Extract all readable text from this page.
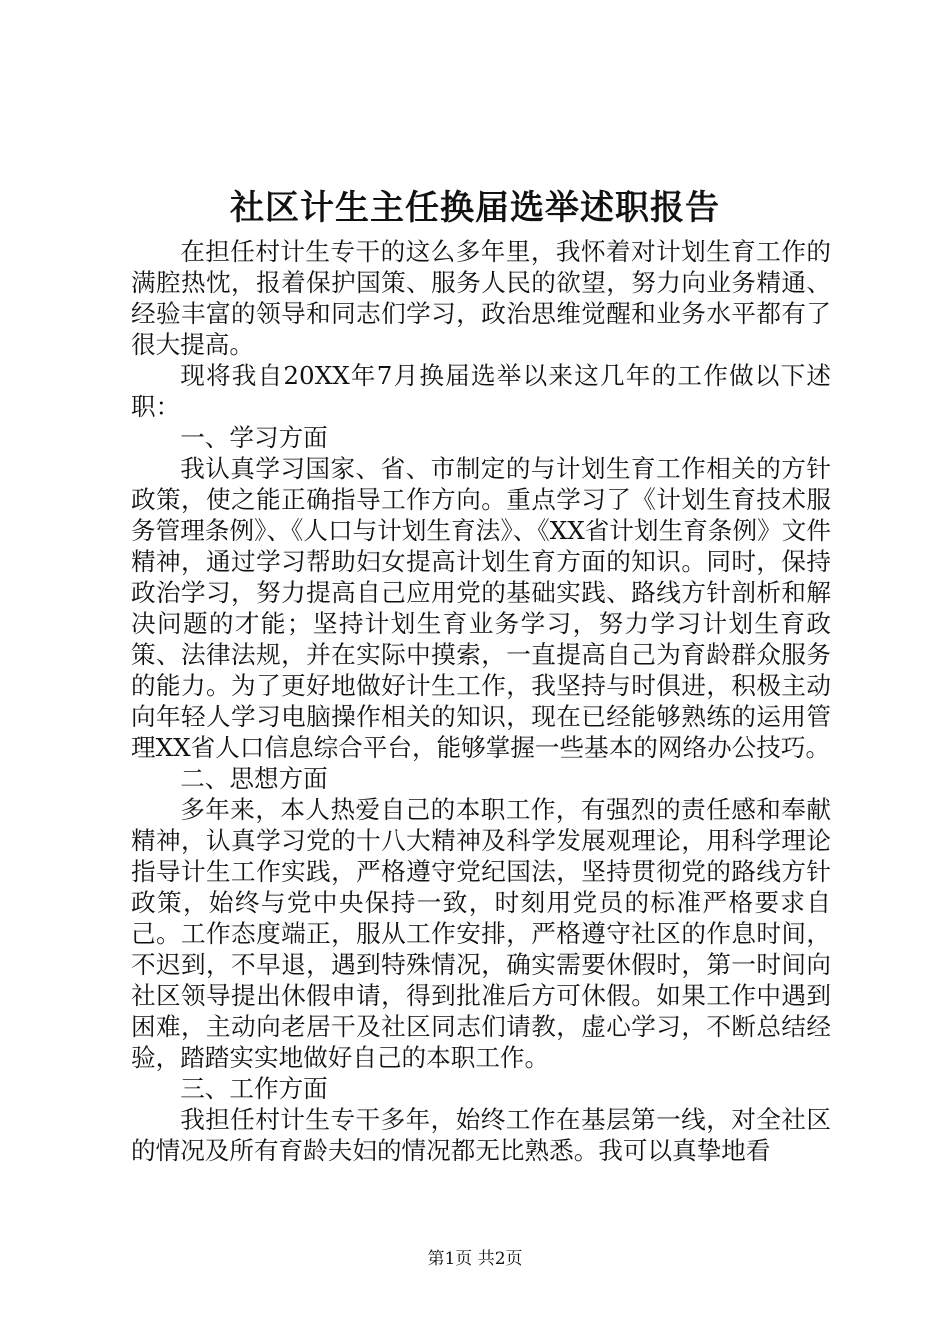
社区计生主任换届选举述职报告

在担任村计生专干的这么多年里，我怀着对计划生育工作的满腔热忱，报着保护国策、服务人民的欲望，努力向业务精通、经验丰富的领导和同志们学习，政治思维觉醒和业务水平都有了很大提高。

现将我自20XX年7月换届选举以来这几年的工作做以下述职：

一、学习方面

我认真学习国家、省、市制定的与计划生育工作相关的方针政策，使之能正确指导工作方向。重点学习了《计划生育技术服务管理条例》、《人口与计划生育法》、《XX省计划生育条例》文件精神，通过学习帮助妇女提高计划生育方面的知识。同时，保持政治学习，努力提高自己应用党的基础实践、路线方针剖析和解决问题的才能；坚持计划生育业务学习，努力学习计划生育政策、法律法规，并在实际中摸索，一直提高自己为育龄群众服务的能力。为了更好地做好计生工作，我坚持与时俱进，积极主动向年轻人学习电脑操作相关的知识，现在已经能够熟练的运用管理XX省人口信息综合平台，能够掌握一些基本的网络办公技巧。

二、思想方面

多年来，本人热爱自己的本职工作，有强烈的责任感和奉献精神，认真学习党的十八大精神及科学发展观理论，用科学理论指导计生工作实践，严格遵守党纪国法，坚持贯彻党的路线方针政策，始终与党中央保持一致，时刻用党员的标准严格要求自己。工作态度端正，服从工作安排，严格遵守社区的作息时间，不迟到，不早退，遇到特殊情况，确实需要休假时，第一时间向社区领导提出休假申请，得到批准后方可休假。如果工作中遇到困难，主动向老居干及社区同志们请教，虚心学习，不断总结经验，踏踏实实地做好自己的本职工作。

三、工作方面

我担任村计生专干多年，始终工作在基层第一线，对全社区的情况及所有育龄夫妇的情况都无比熟悉。我可以真挚地看

第1页 共2页
